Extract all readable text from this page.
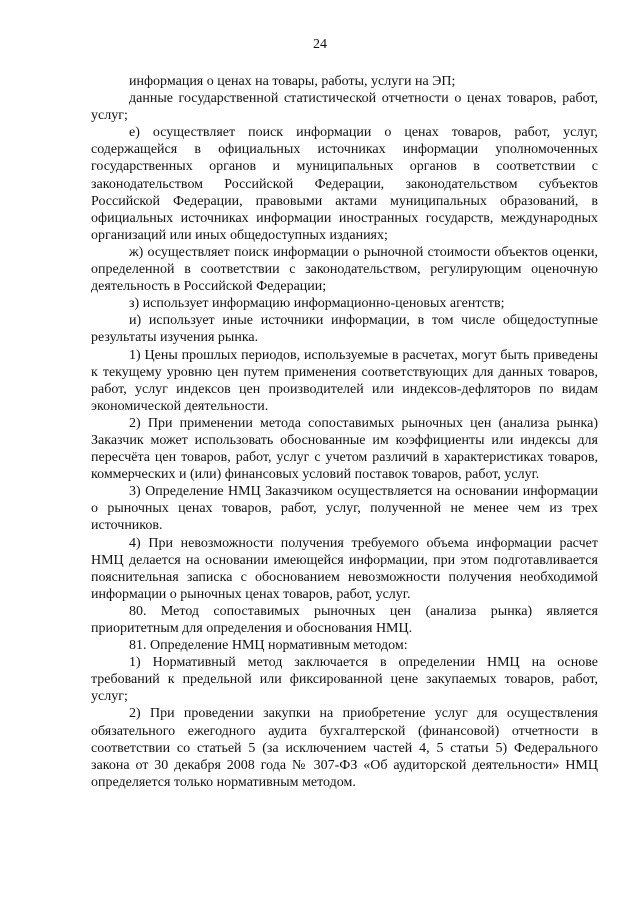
24

информация о ценах на товары, работы, услуги на ЭП;

данные государственной статистической отчетности о ценах товаров, работ, услуг;

е) осуществляет поиск информации о ценах товаров, работ, услуг, содержащейся в официальных источниках информации уполномоченных государственных органов и муниципальных органов в соответствии с законодательством Российской Федерации, законодательством субъектов Российской Федерации, правовыми актами муниципальных образований, в официальных источниках информации иностранных государств, международных организаций или иных общедоступных изданиях;

ж) осуществляет поиск информации о рыночной стоимости объектов оценки, определенной в соответствии с законодательством, регулирующим оценочную деятельность в Российской Федерации;

з) использует информацию информационно-ценовых агентств;

и) использует иные источники информации, в том числе общедоступные результаты изучения рынка.

1) Цены прошлых периодов, используемые в расчетах, могут быть приведены к текущему уровню цен путем применения соответствующих для данных товаров, работ, услуг индексов цен производителей или индексов-дефляторов по видам экономической деятельности.

2) При применении метода сопоставимых рыночных цен (анализа рынка) Заказчик может использовать обоснованные им коэффициенты или индексы для пересчёта цен товаров, работ, услуг с учетом различий в характеристиках товаров, коммерческих и (или) финансовых условий поставок товаров, работ, услуг.

3) Определение НМЦ Заказчиком осуществляется на основании информации о рыночных ценах товаров, работ, услуг, полученной не менее чем из трех источников.

4) При невозможности получения требуемого объема информации расчет НМЦ делается на основании имеющейся информации, при этом подготавливается пояснительная записка с обоснованием невозможности получения необходимой информации о рыночных ценах товаров, работ, услуг.

80. Метод сопоставимых рыночных цен (анализа рынка) является приоритетным для определения и обоснования НМЦ.

81. Определение НМЦ нормативным методом:

1) Нормативный метод заключается в определении НМЦ на основе требований к предельной или фиксированной цене закупаемых товаров, работ, услуг;

2) При проведении закупки на приобретение услуг для осуществления обязательного ежегодного аудита бухгалтерской (финансовой) отчетности в соответствии со статьей 5 (за исключением частей 4, 5 статьи 5) Федерального закона от 30 декабря 2008 года № 307-ФЗ «Об аудиторской деятельности» НМЦ определяется только нормативным методом.
